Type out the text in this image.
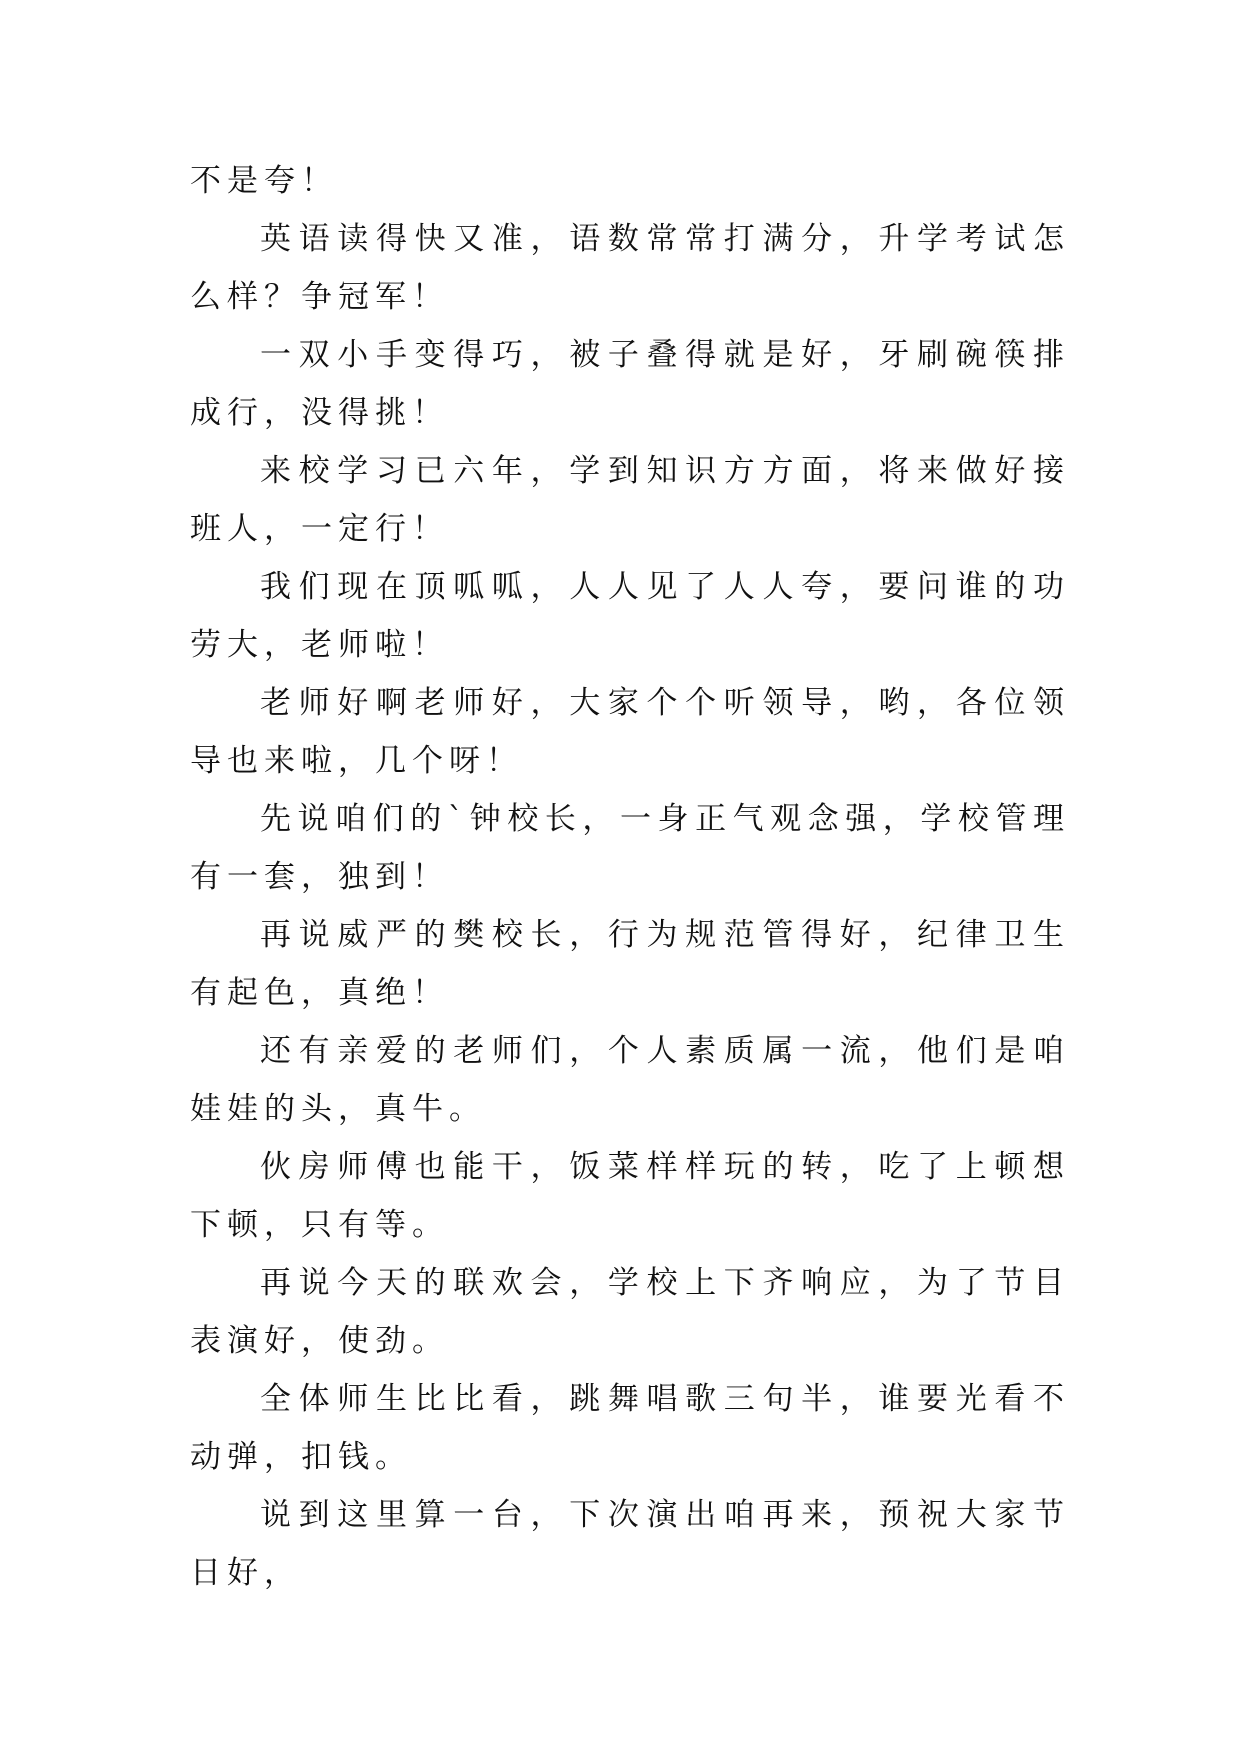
不是夸！

英语读得快又准，语数常常打满分，升学考试怎么样？争冠军！

一双小手变得巧，被子叠得就是好，牙刷碗筷排成行，没得挑！

来校学习已六年，学到知识方方面，将来做好接班人，一定行！

我们现在顶呱呱，人人见了人人夸，要问谁的功劳大，老师啦！

老师好啊老师好，大家个个听领导，哟，各位领导也来啦，几个呀！

先说咱们的`钟校长，一身正气观念强，学校管理有一套，独到！

再说威严的樊校长，行为规范管得好，纪律卫生有起色，真绝！

还有亲爱的老师们，个人素质属一流，他们是咱娃娃的头，真牛。

伙房师傅也能干，饭菜样样玩的转，吃了上顿想下顿，只有等。

再说今天的联欢会，学校上下齐响应，为了节目表演好，使劲。

全体师生比比看，跳舞唱歌三句半，谁要光看不动弹，扣钱。

说到这里算一台，下次演出咱再来，预祝大家节日好，
